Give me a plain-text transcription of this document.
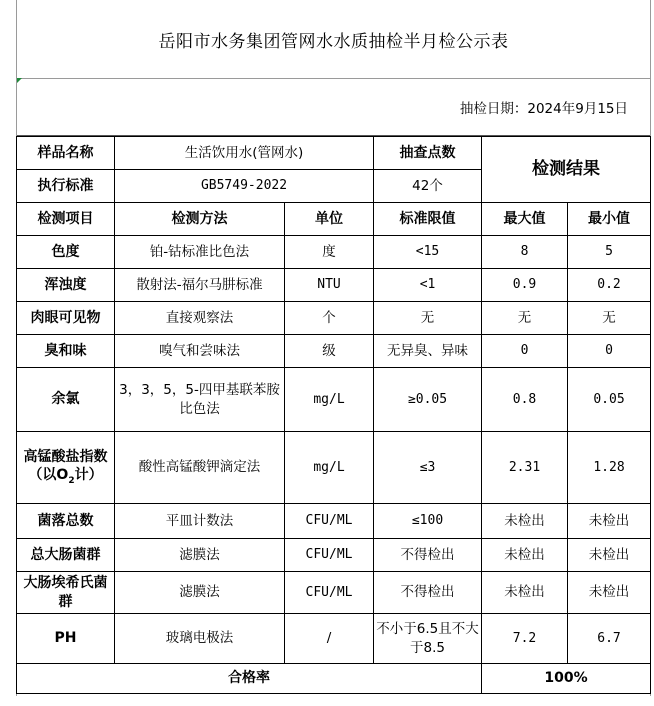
岳阳市水务集团管网水水质抽检半月检公示表
抽检日期：2024年9月15日
样品名称	生活饮用水(管网水)		抽查点数	检测结果	
执行标准	GB5749-2022		42个		
检测项目	检测方法	单位	标准限值	最大值	最小值
色度	铂-钴标准比色法	度	<15	8	5
浑浊度	散射法-福尔马肼标准	NTU	<1	0.9	0.2
肉眼可见物	直接观察法	个	无	无	无
臭和味	嗅气和尝味法	级	无异臭、异味	0	0
余氯	3，3，5，5-四甲基联苯胺比色法	mg/L	≥0.05	0.8	0.05
高锰酸盐指数（以$O_2$计）	酸性高锰酸钾滴定法	mg/L	≤3	2.31	1.28
菌落总数	平皿计数法	CFU/ML	≤100	未检出	未检出
总大肠菌群	滤膜法	CFU/ML	不得检出	未检出	未检出
大肠埃希氏菌群	滤膜法	CFU/ML	不得检出	未检出	未检出
PH	玻璃电极法	/	不小于6.5且不大于8.5	7.2	6.7
合格率				100%	
